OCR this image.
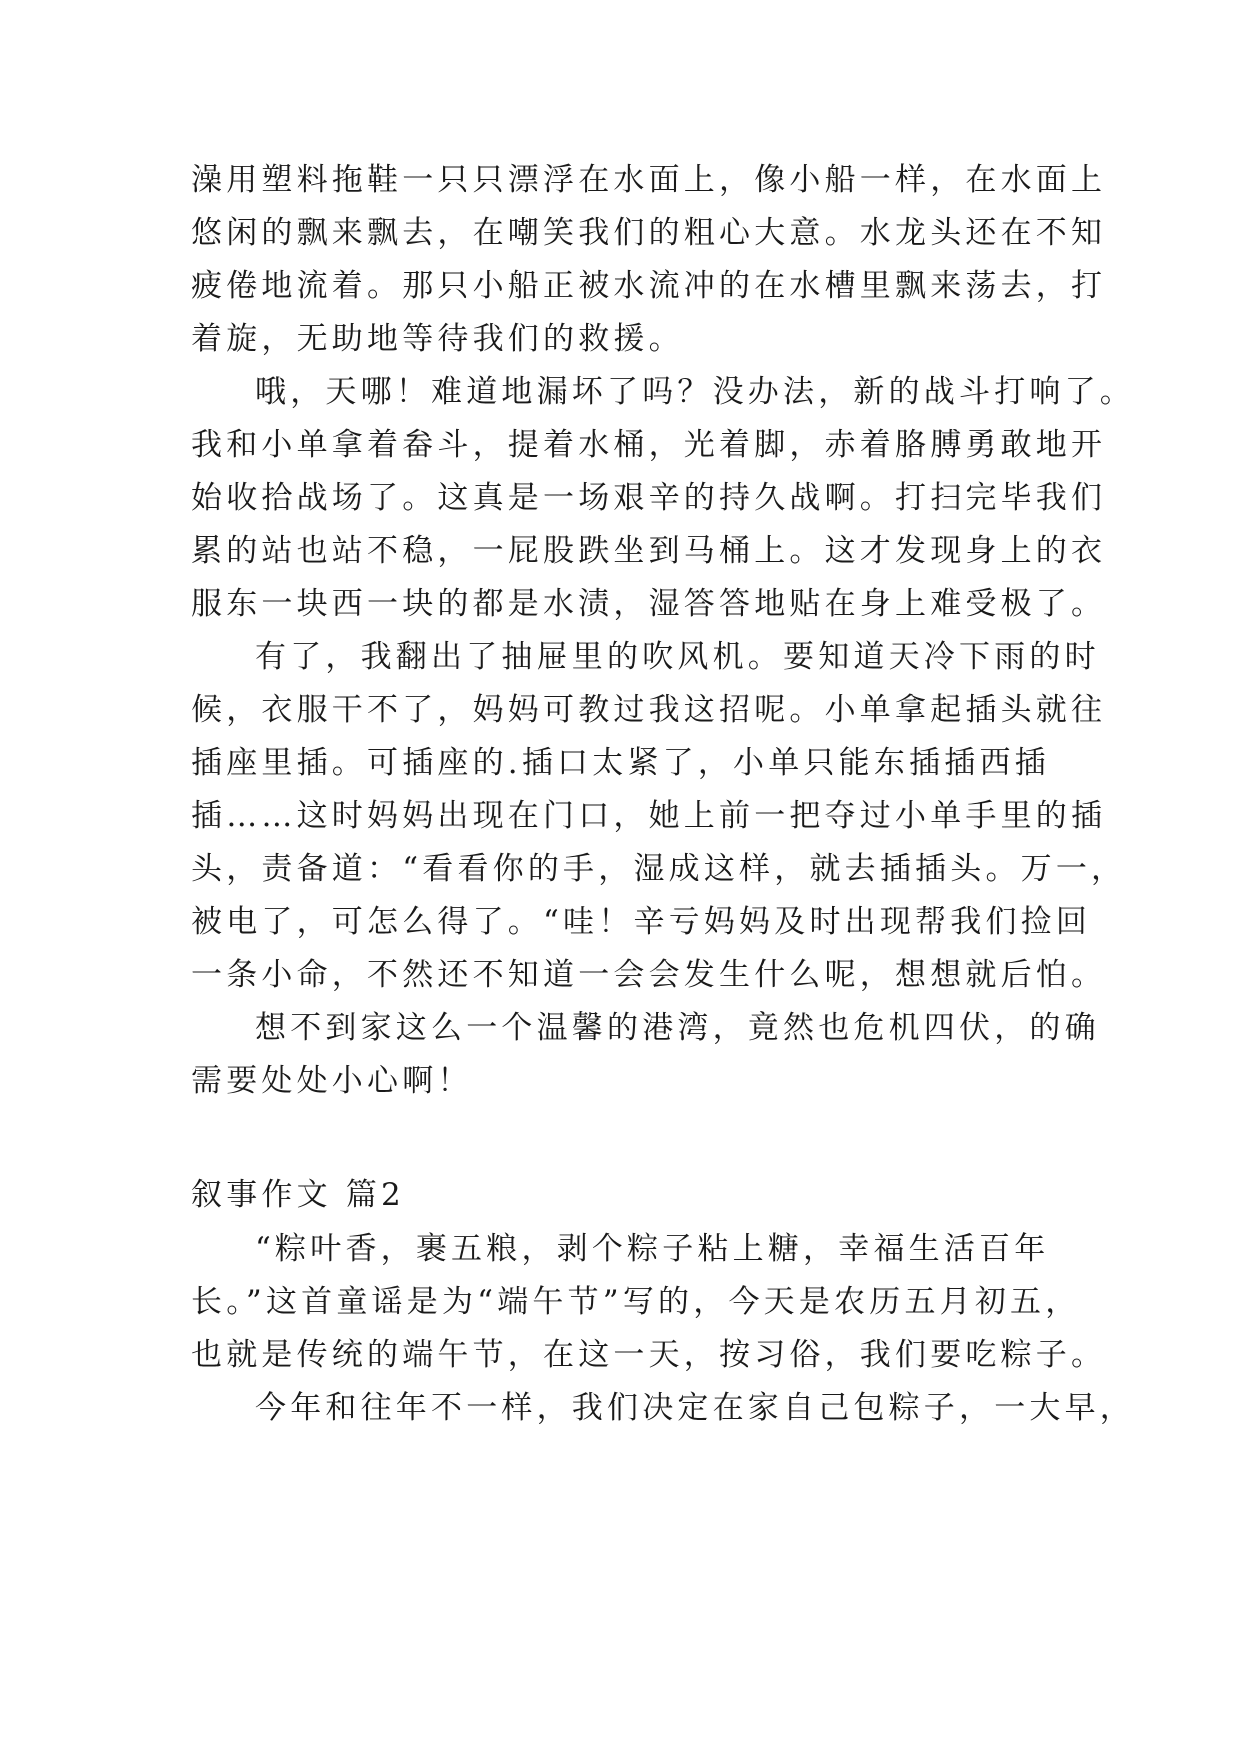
澡用塑料拖鞋一只只漂浮在水面上，像小船一样，在水面上
悠闲的飘来飘去，在嘲笑我们的粗心大意。水龙头还在不知
疲倦地流着。那只小船正被水流冲的在水槽里飘来荡去，打
着旋，无助地等待我们的救援。
哦，天哪！难道地漏坏了吗？没办法，新的战斗打响了。
我和小单拿着畚斗，提着水桶，光着脚，赤着胳膊勇敢地开
始收拾战场了。这真是一场艰辛的持久战啊。打扫完毕我们
累的站也站不稳，一屁股跌坐到马桶上。这才发现身上的衣
服东一块西一块的都是水渍，湿答答地贴在身上难受极了。
有了，我翻出了抽屉里的吹风机。要知道天冷下雨的时
候，衣服干不了，妈妈可教过我这招呢。小单拿起插头就往
插座里插。可插座的.插口太紧了，小单只能东插插西插
插……这时妈妈出现在门口，她上前一把夺过小单手里的插
头，责备道：“看看你的手，湿成这样，就去插插头。万一，
被电了，可怎么得了。“哇！辛亏妈妈及时出现帮我们捡回
一条小命，不然还不知道一会会发生什么呢，想想就后怕。
想不到家这么一个温馨的港湾，竟然也危机四伏，的确
需要处处小心啊！
叙事作文 篇2
“粽叶香，裹五粮，剥个粽子粘上糖，幸福生活百年
长。”这首童谣是为“端午节”写的，今天是农历五月初五，
也就是传统的端午节，在这一天，按习俗，我们要吃粽子。
今年和往年不一样，我们决定在家自己包粽子，一大早，
